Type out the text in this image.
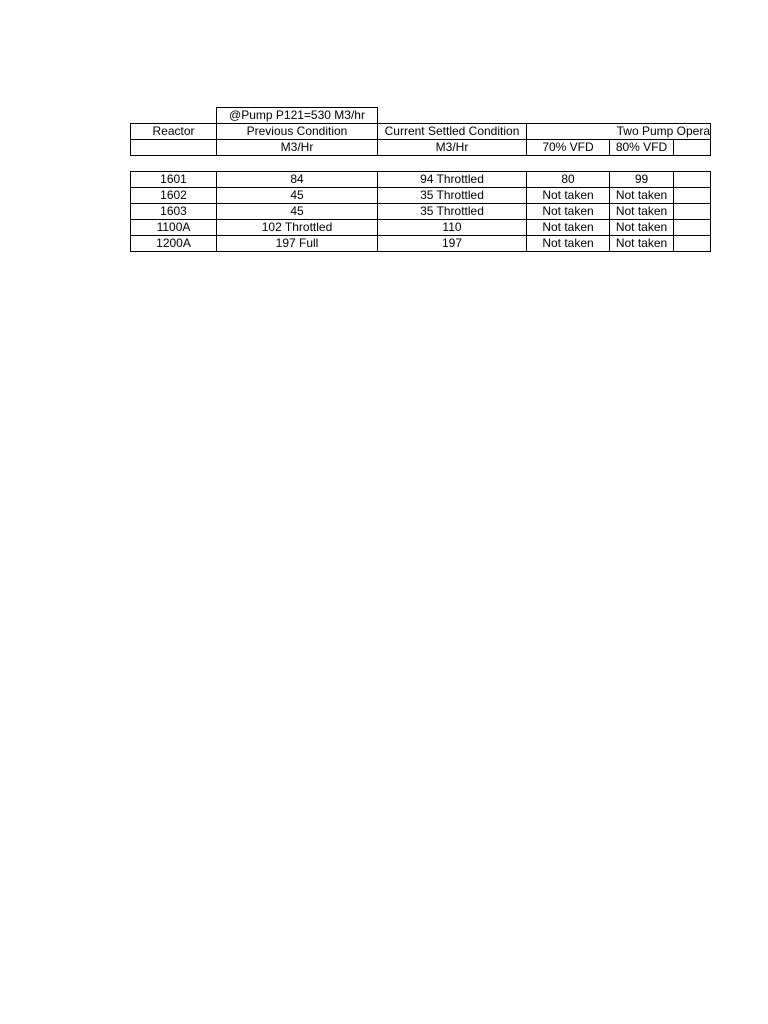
	@Pump P121=530 M3/hr				
Reactor	Previous Condition	Current Settled Condition	Two Pump Opera		
	M3/Hr	M3/Hr	70% VFD	80% VFD	

1601	84	94 Throttled	80	99	
1602	45	35 Throttled	Not taken	Not taken	
1603	45	35 Throttled	Not taken	Not taken	
1100A	102 Throttled	110	Not taken	Not taken	
1200A	197 Full	197	Not taken	Not taken	
